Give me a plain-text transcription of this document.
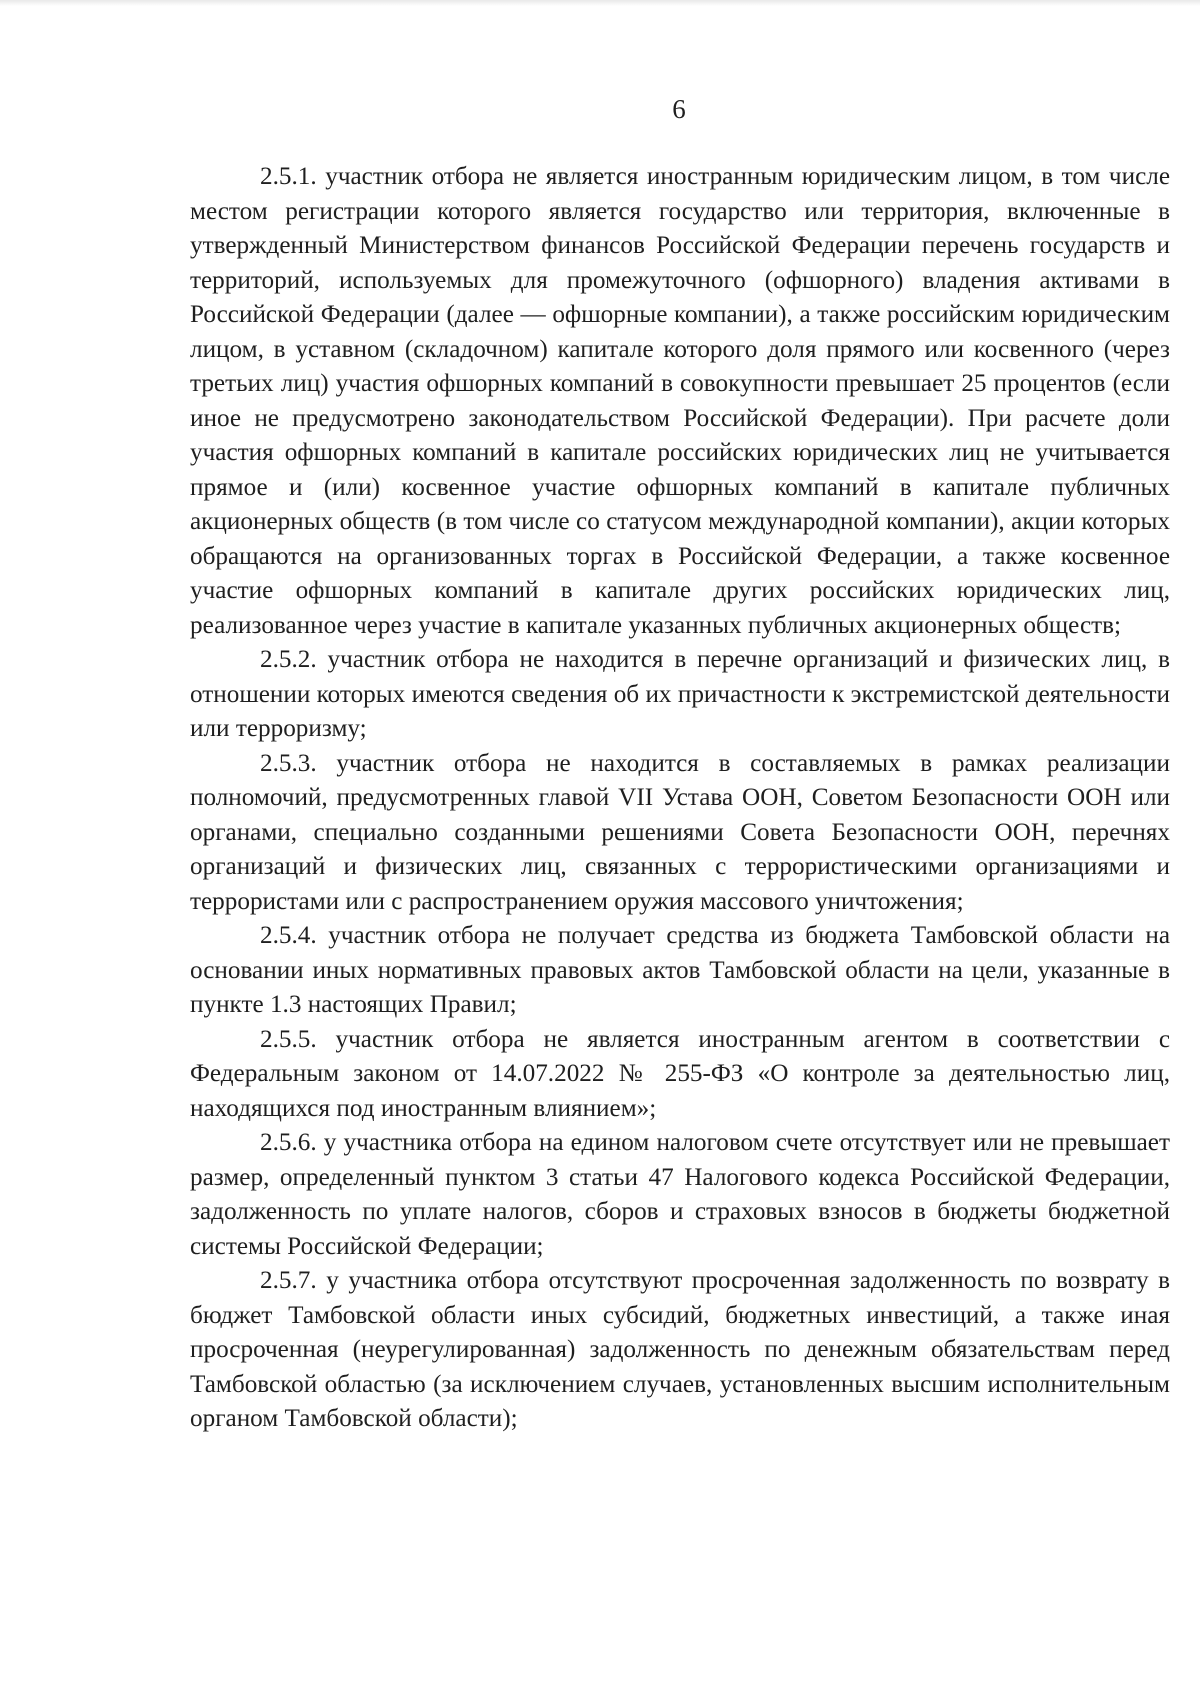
6

2.5.1. участник отбора не является иностранным юридическим лицом, в том числе местом регистрации которого является государство или территория, включенные в утвержденный Министерством финансов Российской Федерации перечень государств и территорий, используемых для промежуточного (офшорного) владения активами в Российской Федерации (далее — офшорные компании), а также российским юридическим лицом, в уставном (складочном) капитале которого доля прямого или косвенного (через третьих лиц) участия офшорных компаний в совокупности превышает 25 процентов (если иное не предусмотрено законодательством Российской Федерации). При расчете доли участия офшорных компаний в капитале российских юридических лиц не учитывается прямое и (или) косвенное участие офшорных компаний в капитале публичных акционерных обществ (в том числе со статусом международной компании), акции которых обращаются на организованных торгах в Российской Федерации, а также косвенное участие офшорных компаний в капитале других российских юридических лиц, реализованное через участие в капитале указанных публичных акционерных обществ;

2.5.2. участник отбора не находится в перечне организаций и физических лиц, в отношении которых имеются сведения об их причастности к экстремистской деятельности или терроризму;

2.5.3. участник отбора не находится в составляемых в рамках реализации полномочий, предусмотренных главой VII Устава ООН, Советом Безопасности ООН или органами, специально созданными решениями Совета Безопасности ООН, перечнях организаций и физических лиц, связанных с террористическими организациями и террористами или с распространением оружия массового уничтожения;

2.5.4. участник отбора не получает средства из бюджета Тамбовской области на основании иных нормативных правовых актов Тамбовской области на цели, указанные в пункте 1.3 настоящих Правил;

2.5.5. участник отбора не является иностранным агентом в соответствии с Федеральным законом от 14.07.2022 № 255-ФЗ «О контроле за деятельностью лиц, находящихся под иностранным влиянием»;

2.5.6. у участника отбора на едином налоговом счете отсутствует или не превышает размер, определенный пунктом 3 статьи 47 Налогового кодекса Российской Федерации, задолженность по уплате налогов, сборов и страховых взносов в бюджеты бюджетной системы Российской Федерации;

2.5.7. у участника отбора отсутствуют просроченная задолженность по возврату в бюджет Тамбовской области иных субсидий, бюджетных инвестиций, а также иная просроченная (неурегулированная) задолженность по денежным обязательствам перед Тамбовской областью (за исключением случаев, установленных высшим исполнительным органом Тамбовской области);
